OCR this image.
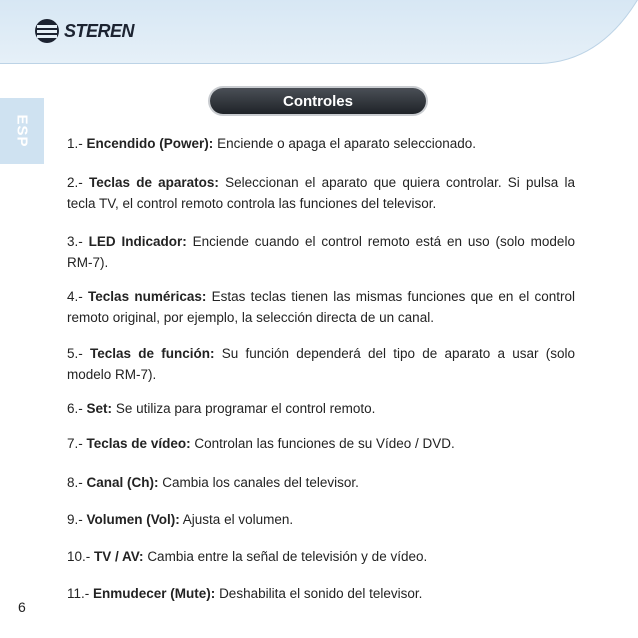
STEREN
ESP
Controles

1.- Encendido (Power): Enciende o apaga el aparato seleccionado.

2.- Teclas de aparatos: Seleccionan el aparato que quiera controlar. Si pulsa la tecla TV, el control remoto controla las funciones del televisor.

3.- LED Indicador: Enciende cuando el control remoto está en uso (solo modelo RM-7).

4.- Teclas numéricas: Estas teclas tienen las mismas funciones que en el control remoto original, por ejemplo, la selección directa de un canal.

5.- Teclas de función: Su función dependerá del tipo de aparato a usar (solo modelo RM-7).

6.- Set: Se utiliza para programar el control remoto.

7.- Teclas de vídeo: Controlan las funciones de su Vídeo / DVD.

8.- Canal (Ch): Cambia los canales del televisor.

9.- Volumen (Vol): Ajusta el volumen.

10.- TV / AV: Cambia entre la señal de televisión y de vídeo.

11.- Enmudecer (Mute): Deshabilita el sonido del televisor.

6
